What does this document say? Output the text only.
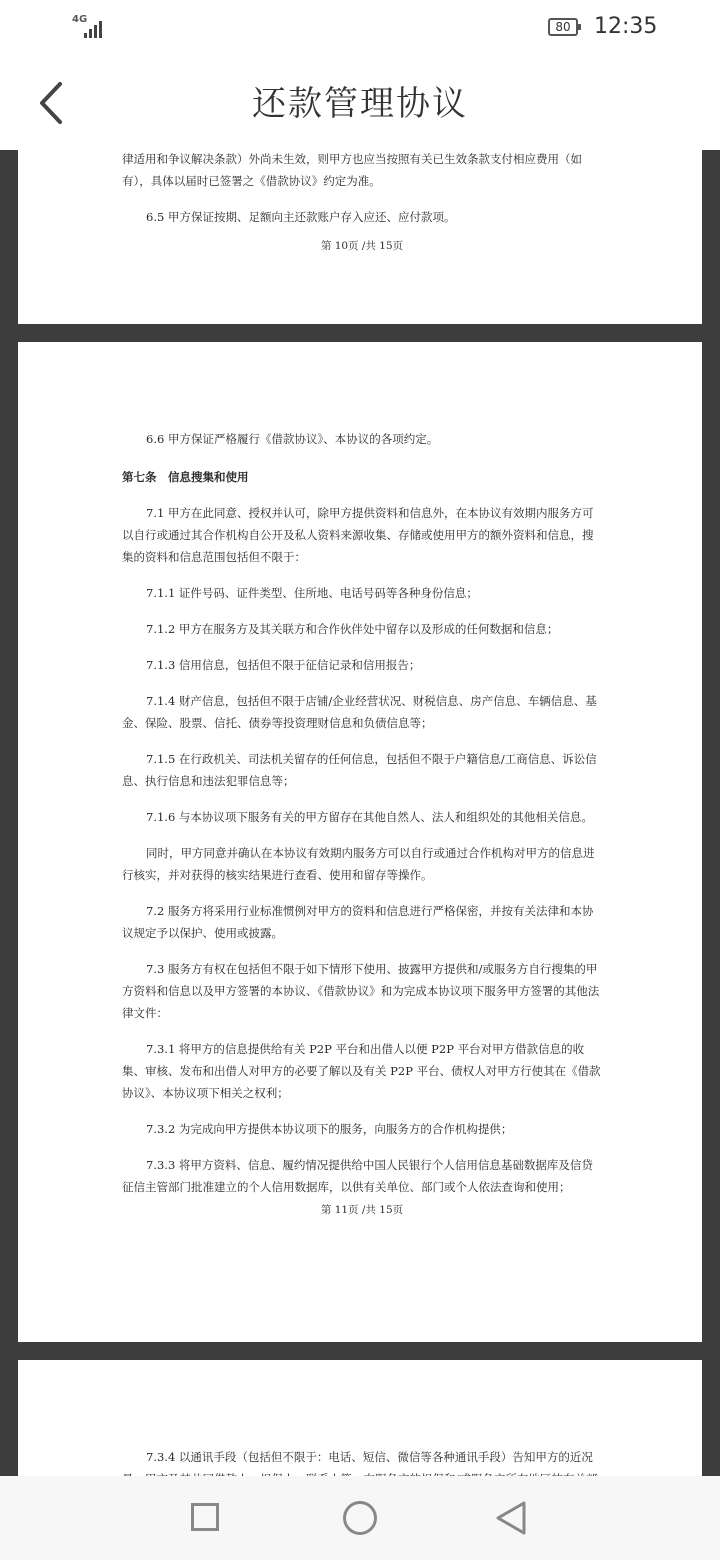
4G
80	12:35
还款管理协议

律适用和争议解决条款）外尚未生效，则甲方也应当按照有关已生效条款支付相应费用（如有），具体以届时已签署之《借款协议》约定为准。

6.5 甲方保证按期、足额向主还款账户存入应还、应付款项。

第 10页 /共 15页

6.6 甲方保证严格履行《借款协议》、本协议的各项约定。

第七条　信息搜集和使用

7.1 甲方在此同意、授权并认可，除甲方提供资料和信息外，在本协议有效期内服务方可以自行或通过其合作机构自公开及私人资料来源收集、存储或使用甲方的额外资料和信息，搜集的资料和信息范围包括但不限于：

7.1.1 证件号码、证件类型、住所地、电话号码等各种身份信息；

7.1.2 甲方在服务方及其关联方和合作伙伴处中留存以及形成的任何数据和信息；

7.1.3 信用信息，包括但不限于征信记录和信用报告；

7.1.4 财产信息，包括但不限于店铺/企业经营状况、财税信息、房产信息、车辆信息、基金、保险、股票、信托、债券等投资理财信息和负债信息等；

7.1.5 在行政机关、司法机关留存的任何信息，包括但不限于户籍信息/工商信息、诉讼信息、执行信息和违法犯罪信息等；

7.1.6 与本协议项下服务有关的甲方留存在其他自然人、法人和组织处的其他相关信息。

同时，甲方同意并确认在本协议有效期内服务方可以自行或通过合作机构对甲方的信息进行核实，并对获得的核实结果进行查看、使用和留存等操作。

7.2 服务方将采用行业标准惯例对甲方的资料和信息进行严格保密，并按有关法律和本协议规定予以保护、使用或披露。

7.3 服务方有权在包括但不限于如下情形下使用、披露甲方提供和/或服务方自行搜集的甲方资料和信息以及甲方签署的本协议、《借款协议》和为完成本协议项下服务甲方签署的其他法律文件：

7.3.1 将甲方的信息提供给有关 P2P 平台和出借人以便 P2P 平台对甲方借款信息的收集、审核、发布和出借人对甲方的必要了解以及有关 P2P 平台、债权人对甲方行使其在《借款协议》、本协议项下相关之权利；

7.3.2 为完成向甲方提供本协议项下的服务，向服务方的合作机构提供；

7.3.3 将甲方资料、信息、履约情况提供给中国人民银行个人信用信息基础数据库及信贷征信主管部门批准建立的个人信用数据库，以供有关单位、部门或个人依法查询和使用；

第 11页 /共 15页

7.3.4 以通讯手段（包括但不限于：电话、短信、微信等各种通讯手段）告知甲方的近况
